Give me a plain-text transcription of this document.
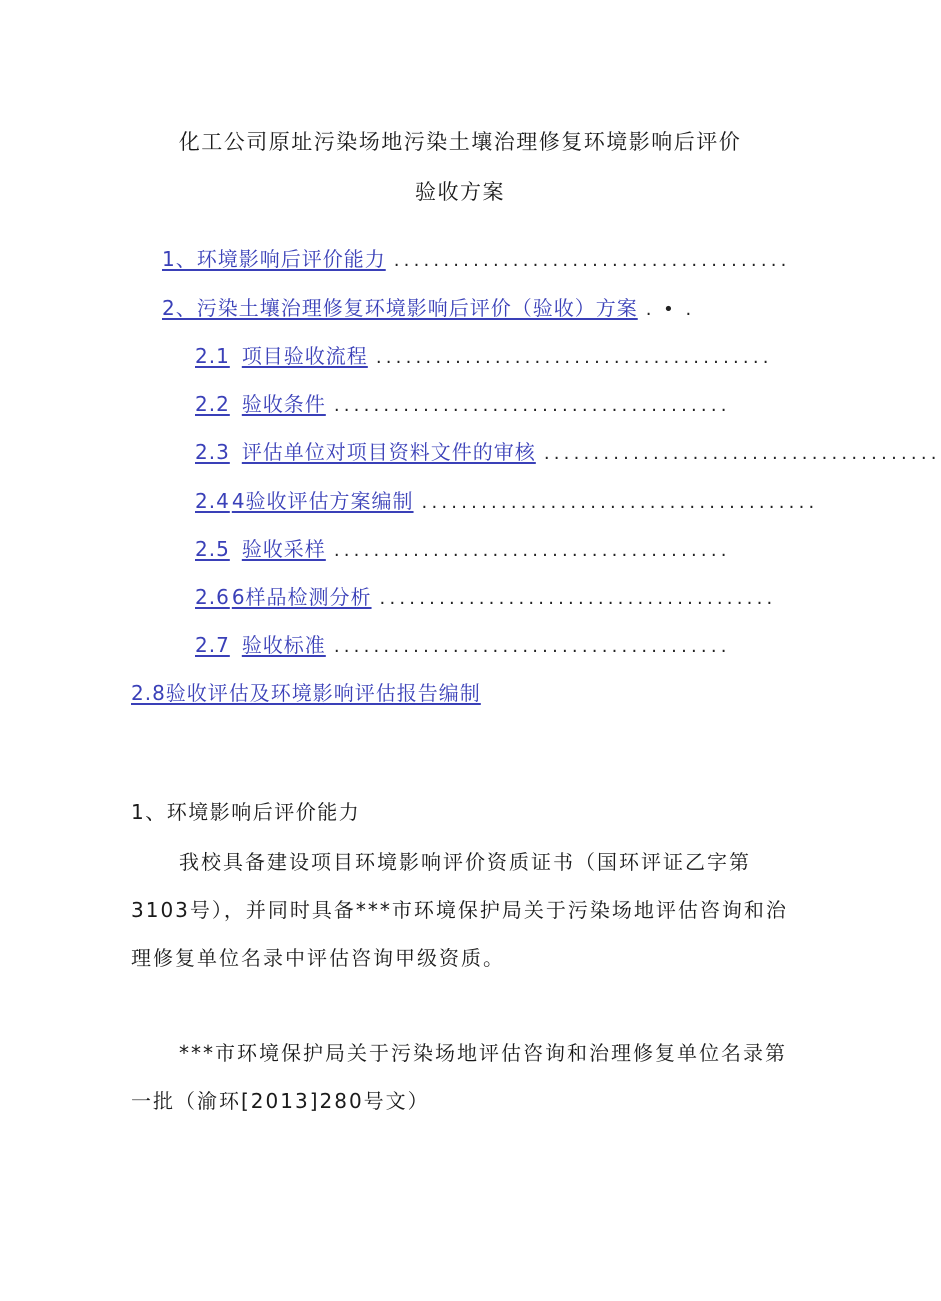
化工公司原址污染场地污染土壤治理修复环境影响后评价
验收方案
1、环境影响后评价能力 ........................................
2、污染土壤治理修复环境影响后评价（验收）方案 . • .
2.1 项目验收流程 ........................................
2.2 验收条件 ........................................
2.3 评估单位对项目资料文件的审核 ........................................
2.4 4验收评估方案编制 ........................................
2.5 验收采样 ........................................
2.6 6样品检测分析 ........................................
2.7 验收标准 ........................................
2.8验收评估及环境影响评估报告编制
1、环境影响后评价能力

我校具备建设项目环境影响评价资质证书（国环评证乙字第3103号），并同时具备***市环境保护局关于污染场地评估咨询和治理修复单位名录中评估咨询甲级资质。

***市环境保护局关于污染场地评估咨询和治理修复单位名录第一批（渝环[2013]280号文）
